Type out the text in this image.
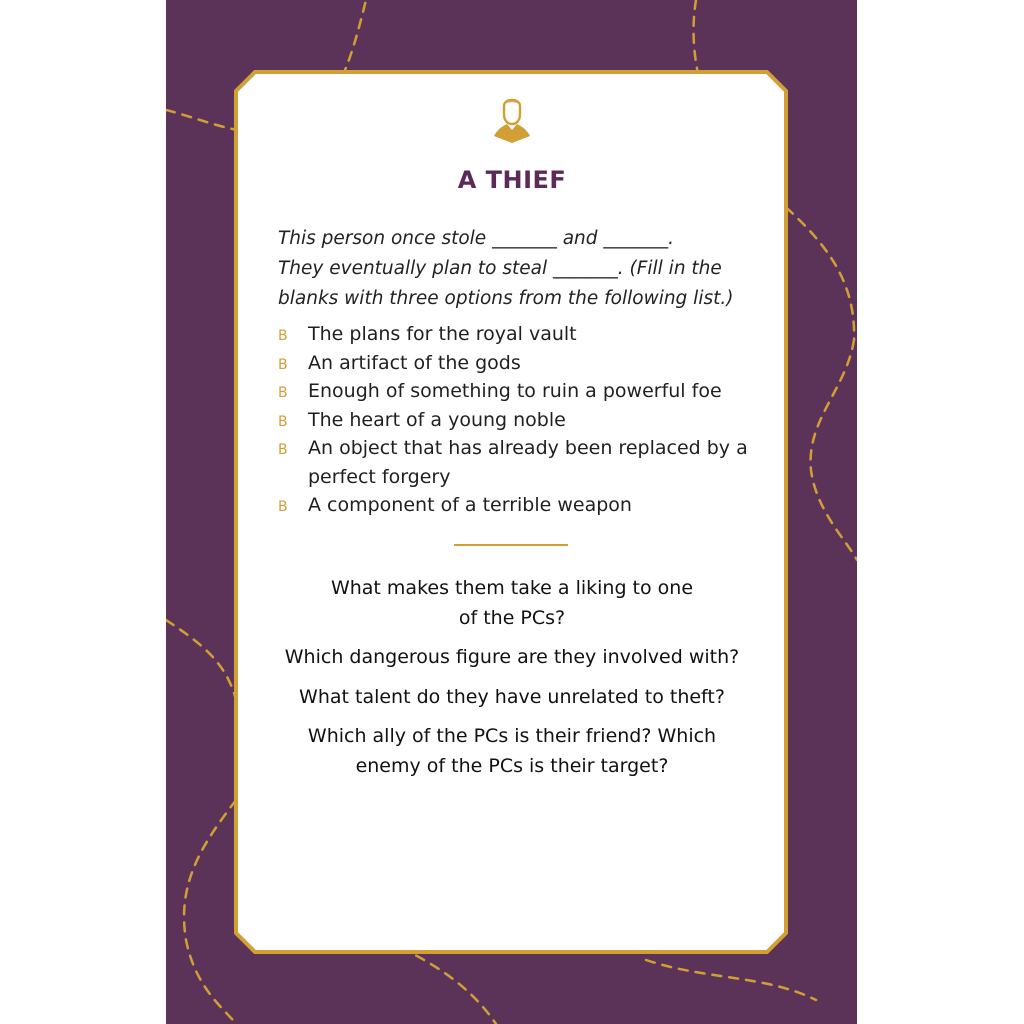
A THIEF
This person once stole _______ and _______.
They eventually plan to steal _______. (Fill in the
blanks with three options from the following list.)
B The plans for the royal vault
B An artifact of the gods
B Enough of something to ruin a powerful foe
B The heart of a young noble
B An object that has already been replaced by a perfect forgery
B A component of a terrible weapon
What makes them take a liking to one
of the PCs?
Which dangerous figure are they involved with?
What talent do they have unrelated to theft?
Which ally of the PCs is their friend? Which
enemy of the PCs is their target?
